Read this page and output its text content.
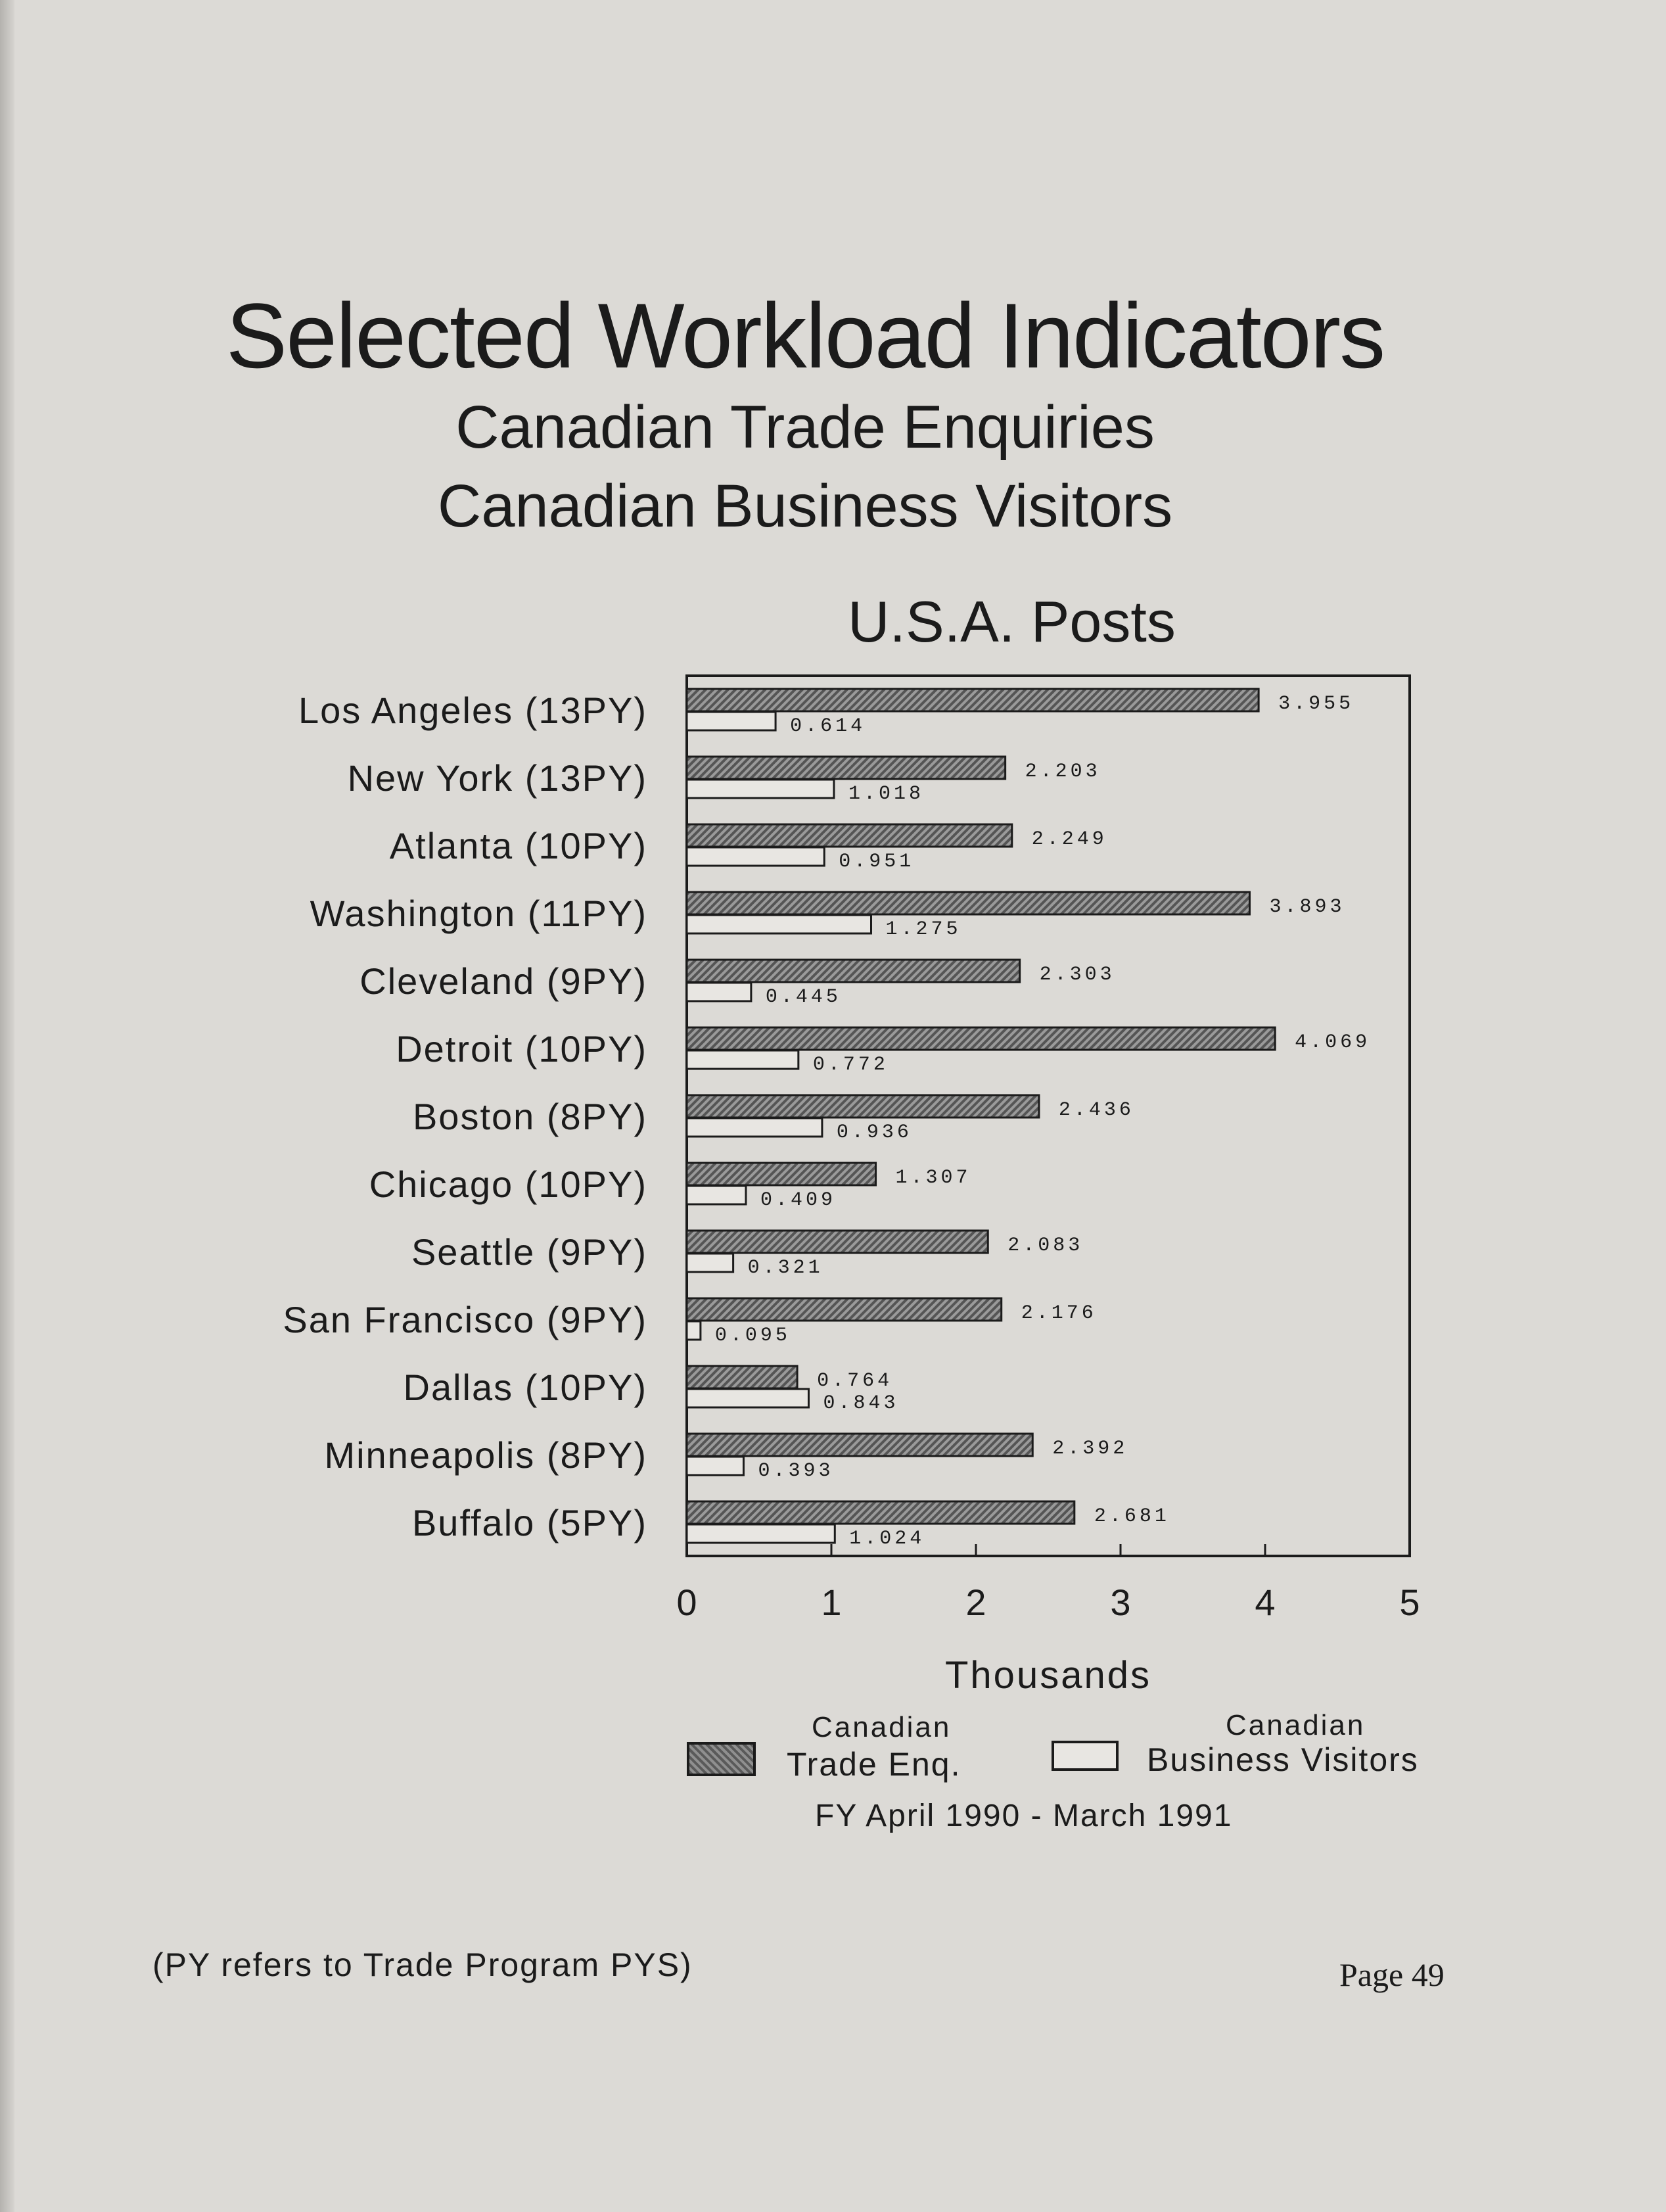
Selected Workload Indicators
Canadian Trade Enquiries
Canadian Business Visitors
U.S.A. Posts
0	1	2	3	4	5
Thousands
Los Angeles (13PY)	3.955
0.614
New York (13PY)	2.203
1.018
Atlanta (10PY)	2.249
0.951
Washington (11PY)	3.893
1.275
Cleveland (9PY)	2.303
0.445
Detroit (10PY)	4.069
0.772
Boston (8PY)	2.436
0.936
Chicago (10PY)	1.307
0.409
Seattle (9PY)	2.083
0.321
San Francisco (9PY)	2.176
0.095
Dallas (10PY)	0.764
0.843
Minneapolis (8PY)	2.392
0.393
Buffalo (5PY)	2.681
1.024
Canadian
Trade Enq.
Canadian
Business Visitors
FY April 1990 - March 1991
(PY refers to Trade Program PYS)	Page 49
